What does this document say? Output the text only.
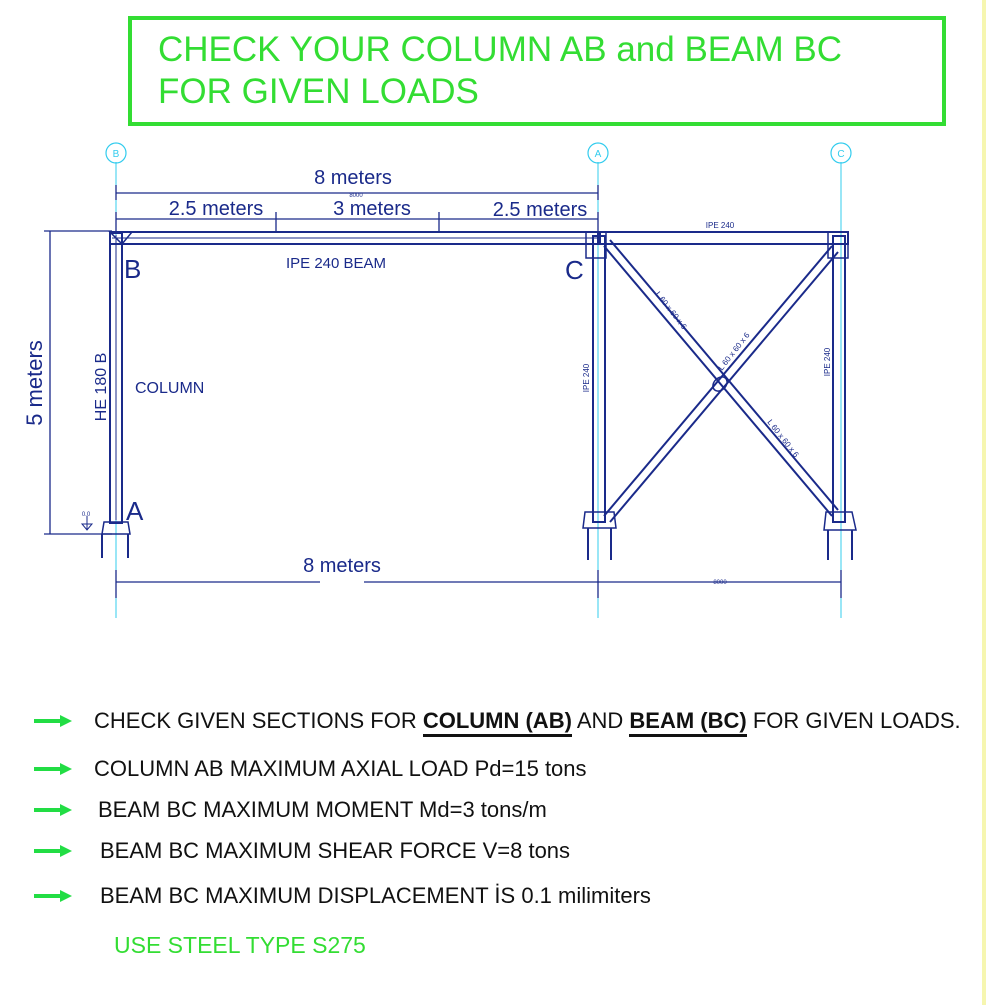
CHECK YOUR COLUMN AB and BEAM BC
FOR GIVEN LOADS
B	A	C
8 meters
8000
2.5 meters	3 meters	2.5 meters
8 meters
8000
IPE 240
5 meters	HE 180 B COLUMN
IPE 240 BEAM
B	C
A
IPE 240
IPE 240
L 60 x 60 x 6
L 60 x 60 x 6
L 60 x 60 x 6
0.0
CHECK GIVEN SECTIONS FOR COLUMN (AB) AND BEAM (BC) FOR GIVEN LOADS.
COLUMN AB MAXIMUM AXIAL LOAD Pd=15 tons
BEAM BC MAXIMUM MOMENT Md=3 tons/m
BEAM BC MAXIMUM SHEAR FORCE V=8 tons
BEAM BC MAXIMUM DISPLACEMENT İS 0.1 milimiters
USE STEEL TYPE S275
